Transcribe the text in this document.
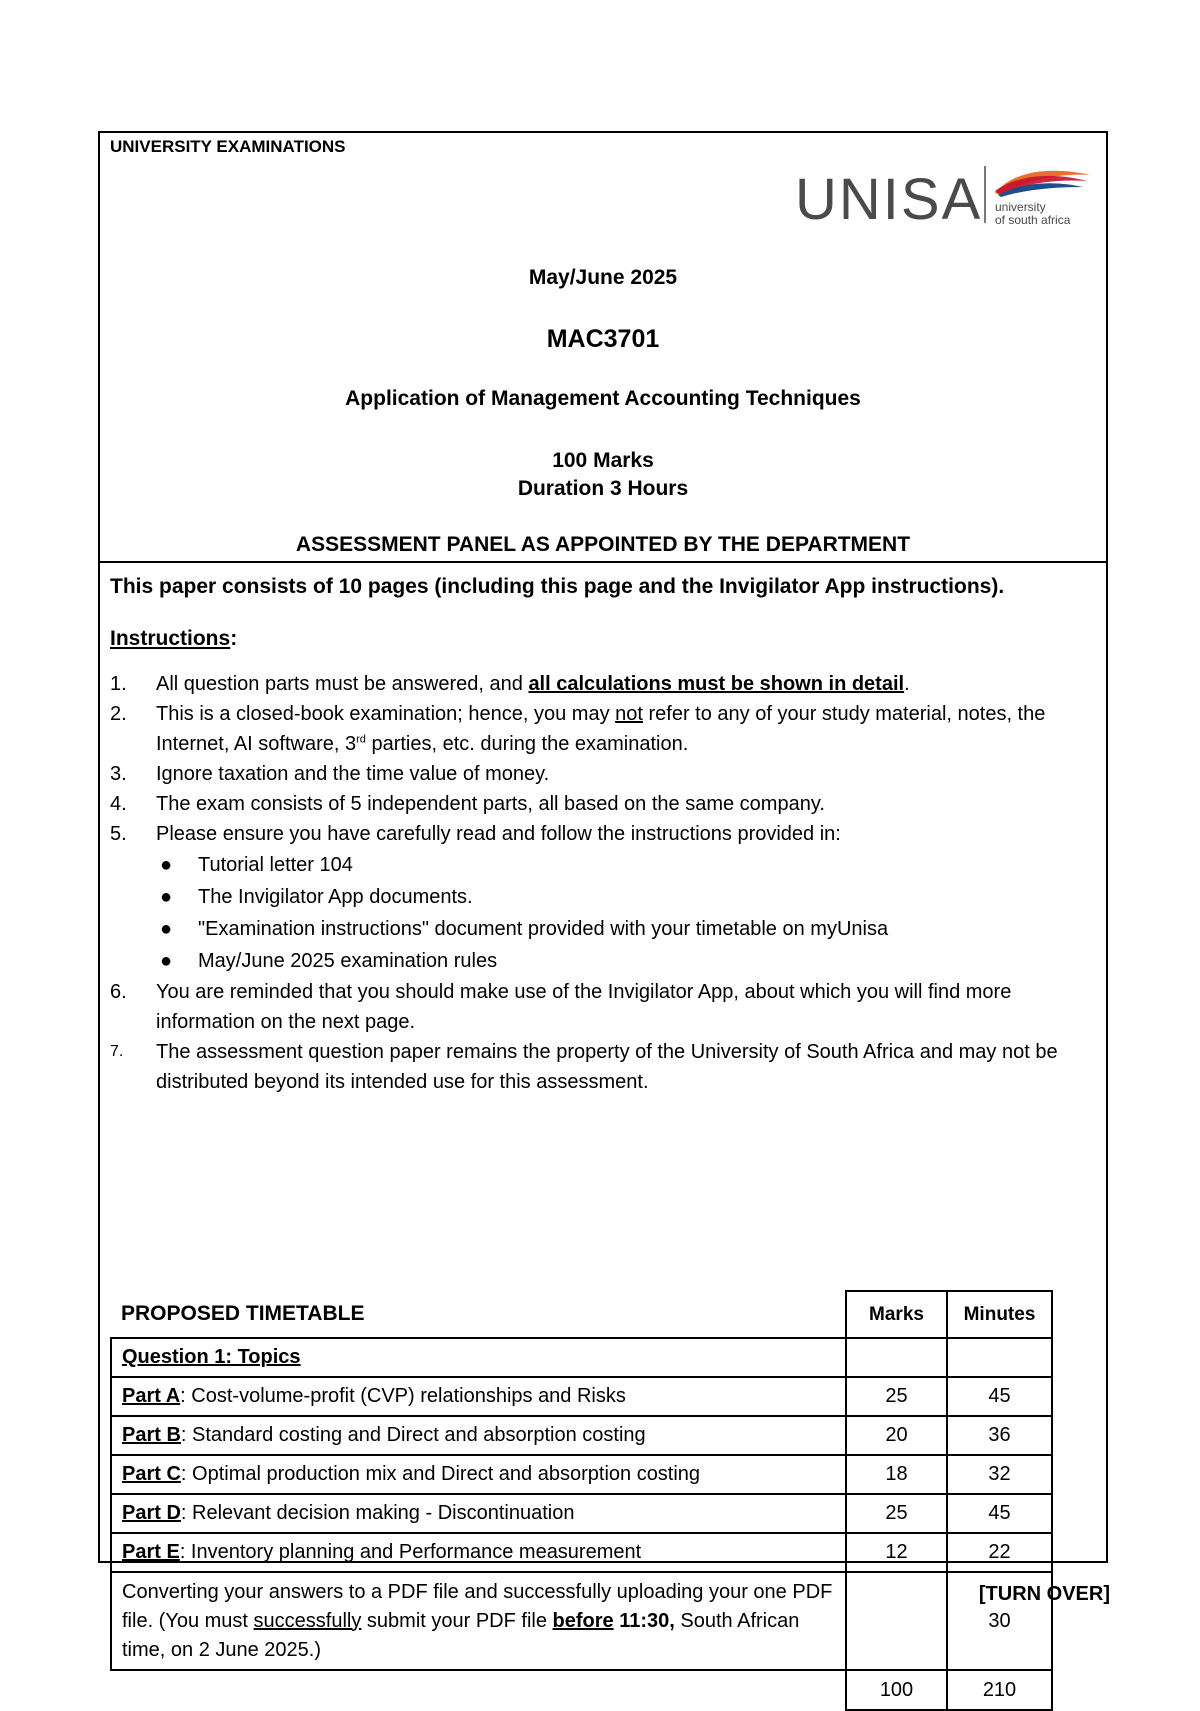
UNIVERSITY EXAMINATIONS
UNISA university
of south africa
May/June 2025
MAC3701
Application of Management Accounting Techniques
100 Marks
Duration 3 Hours
ASSESSMENT PANEL AS APPOINTED BY THE DEPARTMENT

This paper consists of 10 pages (including this page and the Invigilator App instructions).

Instructions:

1. All question parts must be answered, and all calculations must be shown in detail.
2. This is a closed-book examination; hence, you may not refer to any of your study material, notes, the Internet, AI software, 3rd parties, etc. during the examination.
3. Ignore taxation and the time value of money.
4. The exam consists of 5 independent parts, all based on the same company.
5. Please ensure you have carefully read and follow the instructions provided in:
● Tutorial letter 104
● The Invigilator App documents.
● "Examination instructions" document provided with your timetable on myUnisa
● May/June 2025 examination rules
6. You are reminded that you should make use of the Invigilator App, about which you will find more information on the next page.
7. The assessment question paper remains the property of the University of South Africa and may not be distributed beyond its intended use for this assessment.
PROPOSED TIMETABLE	Marks	Minutes
Question 1: Topics		
Part A: Cost-volume-profit (CVP) relationships and Risks	25	45
Part B: Standard costing and Direct and absorption costing	20	36
Part C: Optimal production mix and Direct and absorption costing	18	32
Part D: Relevant decision making - Discontinuation	25	45
Part E: Inventory planning and Performance measurement	12	22
Converting your answers to a PDF file and successfully uploading your one PDF file. (You must successfully submit your PDF file before 11:30, South African time, on 2 June 2025.)		30
	100	210
[TURN OVER]
